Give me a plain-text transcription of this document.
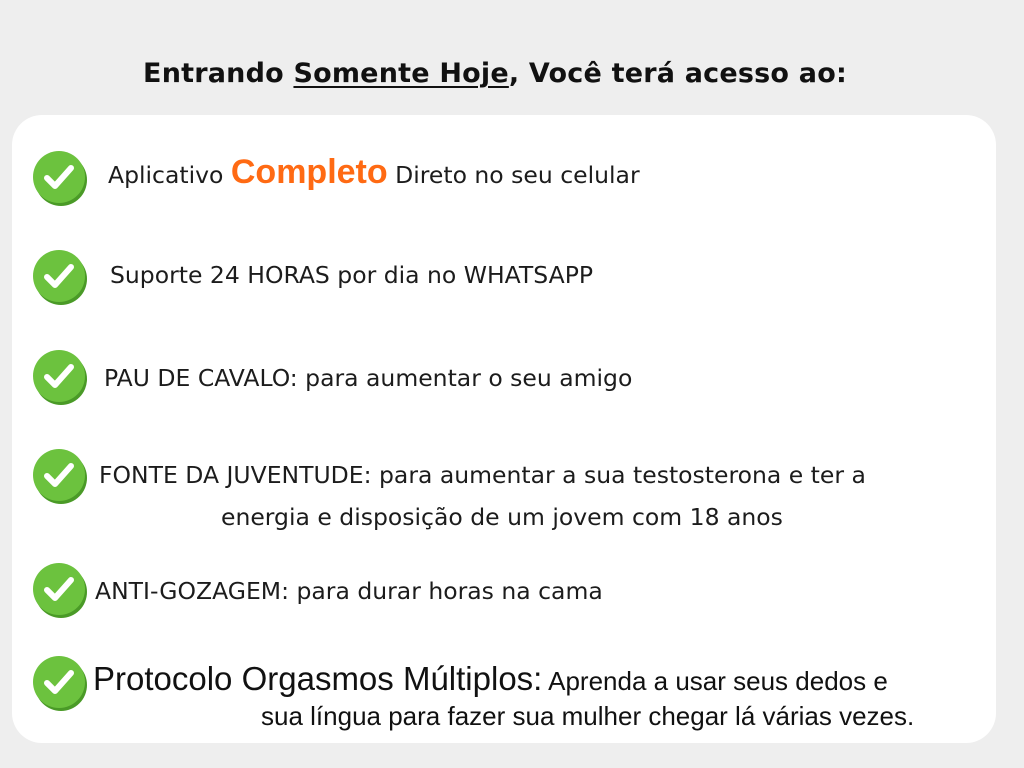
Entrando Somente Hoje, Você terá acesso ao:
Aplicativo Completo Direto no seu celular
Suporte 24 HORAS por dia no WHATSAPP
PAU DE CAVALO: para aumentar o seu amigo
FONTE DA JUVENTUDE: para aumentar a sua testosterona e ter a
energia e disposição de um jovem com 18 anos
ANTI-GOZAGEM: para durar horas na cama
Protocolo Orgasmos Múltiplos: Aprenda a usar seus dedos e
sua língua para fazer sua mulher chegar lá várias vezes.
